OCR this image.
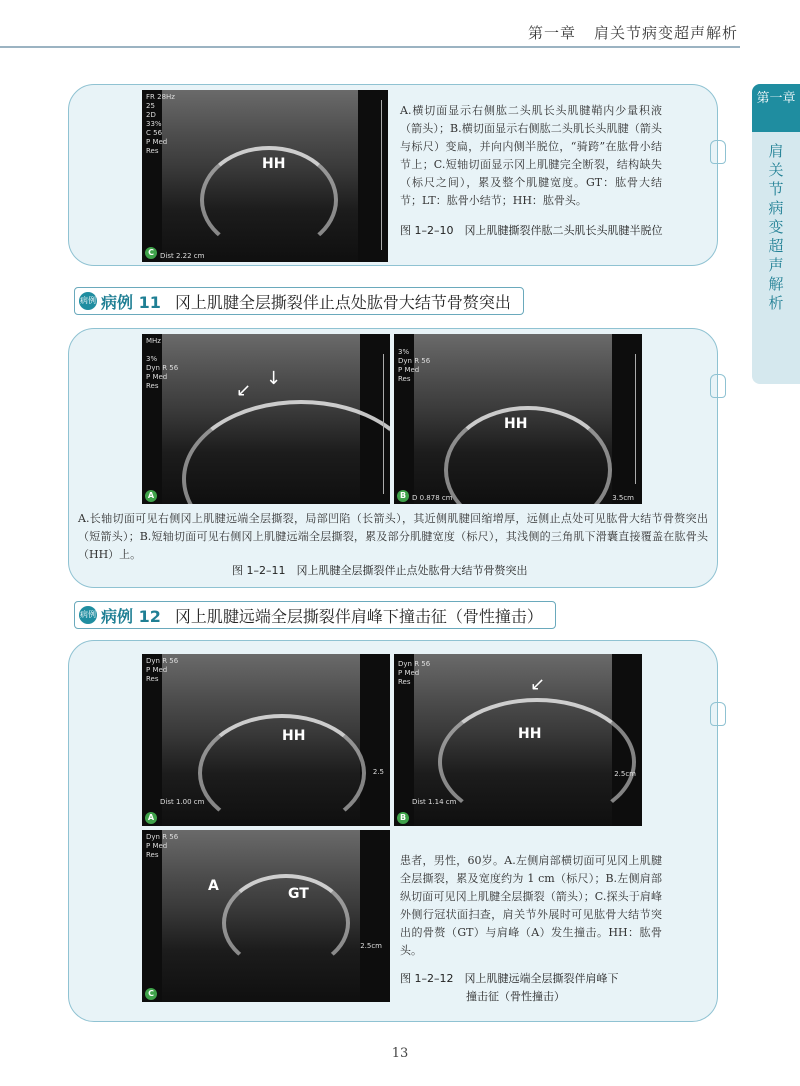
第一章 肩关节病变超声解析
第一章
肩关节病变超声解析
HH
FR 28Hz
25
2D
33%
C 56
P Med
Res
Dist 2.22 cm
C
A.横切面显示右侧肱二头肌长头肌腱鞘内少量积液（箭头）；B.横切面显示右侧肱二头肌长头肌腱（箭头与标尺）变扁，并向内侧半脱位，“骑跨”在肱骨小结节上；C.短轴切面显示冈上肌腱完全断裂，结构缺失（标尺之间），累及整个肌腱宽度。GT：肱骨大结节；LT：肱骨小结节；HH：肱骨头。
图 1–2–10　冈上肌腱撕裂伴肱二头肌长头肌腱半脱位
病例 病例 11 冈上肌腱全层撕裂伴止点处肱骨大结节骨赘突出
↙
↓
MHz

3%
Dyn R 56
P Med
Res
A
HH
3%
Dyn R 56
P Med
Res
D 0.878 cm	3.5cm
B
A.长轴切面可见右侧冈上肌腱远端全层撕裂，局部凹陷（长箭头），其近侧肌腱回缩增厚，远侧止点处可见肱骨大结节骨赘突出（短箭头）；B.短轴切面可见右侧冈上肌腱远端全层撕裂，累及部分肌腱宽度（标尺），其浅侧的三角肌下滑囊直接覆盖在肱骨头（HH）上。
图 1–2–11　冈上肌腱全层撕裂伴止点处肱骨大结节骨赘突出
病例 病例 12 冈上肌腱远端全层撕裂伴肩峰下撞击征（骨性撞击）
HH
Dyn R 56
P Med
Res
Dist 1.00 cm
2.5
A
↙
HH
Dyn R 56
P Med
Res
Dist 1.14 cm
2.5cm
B
A	GT
Dyn R 56
P Med
Res
2.5cm
C
患者，男性，60岁。A.左侧肩部横切面可见冈上肌腱全层撕裂，累及宽度约为 1 cm（标尺）；B.左侧肩部纵切面可见冈上肌腱全层撕裂（箭头）；C.探头于肩峰外侧行冠状面扫查，肩关节外展时可见肱骨大结节突出的骨赘（GT）与肩峰（A）发生撞击。HH：肱骨头。
图 1–2–12　冈上肌腱远端全层撕裂伴肩峰下
撞击征（骨性撞击）
13
